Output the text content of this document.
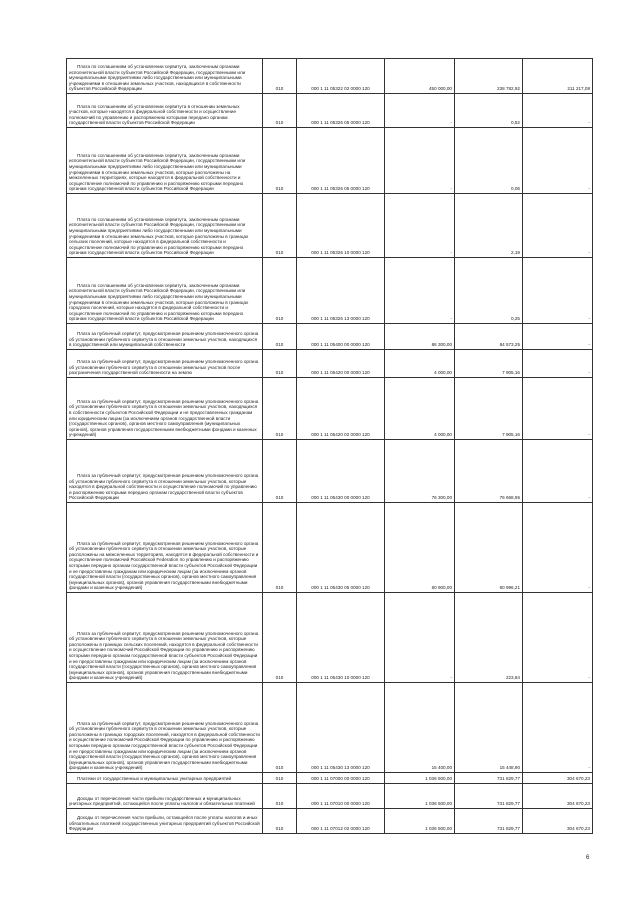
Плата по соглашениям об установлении сервитута, заключенным органами исполнительной власти субъектов Российской Федерации, государственными или муниципальными предприятиями либо государственными или муниципальными учреждениями в отношении земельных участков, находящихся в собственности субъектов Российской Федерации	010	000 1 11 05322 02 0000 120	450 000,00	238 782,92	211 217,08
Плата по соглашениям об установлении сервитута в отношении земельных участков, которые находятся в федеральной собственности и осуществление полномочий по управлению и распоряжению которыми передано органам государственной власти субъектов Российской Федерации	010	000 1 11 05326 05 0000 120	-	0,52	-
Плата по соглашениям об установлении сервитута, заключенным органами исполнительной власти субъектов Российской Федерации, государственными или муниципальными предприятиями либо государственными или муниципальными учреждениями в отношении земельных участков, которые расположены на межселенных территориях, которые находятся в федеральной собственности и осуществление полномочий по управлению и распоряжению которыми передано органам государственной власти субъектов Российской Федерации	010	000 1 11 05326 05 0000 120	-	0,06	-
Плата по соглашениям об установлении сервитута, заключенным органами исполнительной власти субъектов Российской Федерации, государственными или муниципальными предприятиями либо государственными или муниципальными учреждениями в отношении земельных участков, которые расположены в границах сельских поселений, которые находятся в федеральной собственности и осуществление полномочий по управлению и распоряжению которыми передано органам государственной власти субъектов Российской Федерации	010	000 1 11 05326 10 0000 120	-	2,19	-
Плата по соглашениям об установлении сервитута, заключенным органами исполнительной власти субъектов Российской Федерации, государственными или муниципальными предприятиями либо государственными или муниципальными учреждениями в отношении земельных участков, которые расположены в границах городских поселений, которые находятся в федеральной собственности и осуществление полномочий по управлению и распоряжению которыми передано органам государственной власти субъектов Российской Федерации	010	000 1 11 05326 13 0000 120	-	0,25	-
Плата за публичный сервитут, предусмотренная решением уполномоченного органа об установлении публичного сервитута в отношении земельных участков, находящихся в государственной или муниципальной собственности	010	000 1 11 05400 00 0000 120	86 300,00	84 573,25	-
Плата за публичный сервитут, предусмотренная решением уполномоченного органа об установлении публичного сервитута в отношении земельных участков после разграничения государственной собственности на землю	010	000 1 11 05420 00 0000 120	4 000,00	7 905,16	-
Плата за публичный сервитут, предусмотренная решением уполномоченного органа об установлении публичного сервитута в отношении земельных участков, находящихся в собственности субъектов Российской Федерации и не предоставленных гражданам или юридическим лицам (за исключением органов государственной власти (государственных органов), органов местного самоуправления (муниципальных органов), органов управления государственными внебюджетными фондами и казенных учреждений)	010	000 1 11 05420 02 0000 120	4 000,00	7 905,16	-
Плата за публичный сервитут, предусмотренная решением уполномоченного органа об установлении публичного сервитута в отношении земельных участков, которые находятся в федеральной собственности и осуществление полномочий по управлению и распоряжению которыми передано органам государственной власти субъектов Российской Федерации	010	000 1 11 05430 00 0000 120	76 300,00	76 668,95	-
Плата за публичный сервитут, предусмотренная решением уполномоченного органа об установлении публичного сервитута в отношении земельных участков, которые расположены на межселенных территориях, находятся в федеральной собственности и осуществление полномочий Российской Federation по управлению и распоряжению которыми передано органам государственной власти субъектов Российской Федерации и не предоставлены гражданам или юридическим лицам (за исключением органов государственной власти (государственных органов), органов местного самоуправления (муниципальных органов), органов управления государственными внебюджетными фондами и казенных учреждений)	010	000 1 11 05430 05 0000 120	60 900,00	60 996,21	-
Плата за публичный сервитут, предусмотренная решением уполномоченного органа об установлении публичного сервитута в отношении земельных участков, которые расположены в границах сельских поселений, находятся в федеральной собственности и осуществление полномочий Российской Федерации по управлению и распоряжению которыми передано органам государственной власти субъектов Российской Федерации и не предоставлены гражданам или юридическим лицам (за исключением органов государственной власти (государственных органов), органов местного самоуправления (муниципальных органов), органов управления государственными внебюджетными фондами и казенных учреждений)	010	000 1 11 05430 10 0000 120	-	223,84	-
Плата за публичный сервитут, предусмотренная решением уполномоченного органа об установлении публичного сервитута в отношении земельных участков, которые расположены в границах городских поселений, находятся в федеральной собственности и осуществление полномочий Российской Федерации по управлению и распоряжению которыми передано органам государственной власти субъектов Российской Федерации и не предоставлены гражданам или юридическим лицам (за исключением органов государственной власти (государственных органов), органов местного самоуправления (муниципальных органов), органов управления государственными внебюджетными фондами и казенных учреждений)	010	000 1 11 05430 13 0000 120	15 400,00	15 448,90	-
Платежи от государственных и муниципальных унитарных предприятий	010	000 1 11 07000 00 0000 120	1 036 500,00	731 829,77	304 670,23
Доходы от перечисления части прибыли государственных и муниципальных унитарных предприятий, остающейся после уплаты налогов и обязательных платежей	010	000 1 11 07010 00 0000 120	1 036 500,00	731 829,77	304 670,23
Доходы от перечисления части прибыли, остающейся после уплаты налогов и иных обязательных платежей государственных унитарных предприятий субъектов Российской Федерации	010	000 1 11 07012 02 0000 120	1 036 500,00	731 829,77	304 670,23
6
